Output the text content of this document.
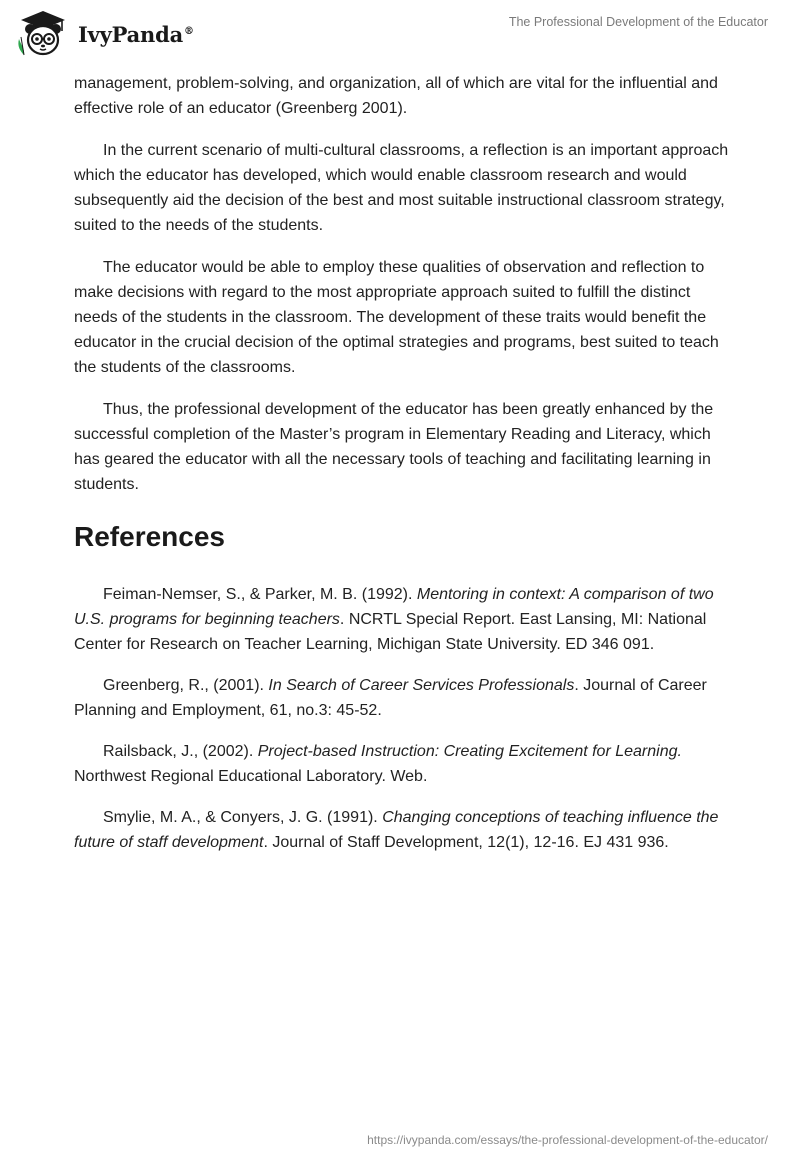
IvyPanda®
The Professional Development of the Educator

management, problem-solving, and organization, all of which are vital for the influential and effective role of an educator (Greenberg 2001).

In the current scenario of multi-cultural classrooms, a reflection is an important approach which the educator has developed, which would enable classroom research and would subsequently aid the decision of the best and most suitable instructional classroom strategy, suited to the needs of the students.

The educator would be able to employ these qualities of observation and reflection to make decisions with regard to the most appropriate approach suited to fulfill the distinct needs of the students in the classroom. The development of these traits would benefit the educator in the crucial decision of the optimal strategies and programs, best suited to teach the students of the classrooms.

Thus, the professional development of the educator has been greatly enhanced by the successful completion of the Master’s program in Elementary Reading and Literacy, which has geared the educator with all the necessary tools of teaching and facilitating learning in students.

References

Feiman-Nemser, S., & Parker, M. B. (1992). Mentoring in context: A comparison of two U.S. programs for beginning teachers. NCRTL Special Report. East Lansing, MI: National Center for Research on Teacher Learning, Michigan State University. ED 346 091.

Greenberg, R., (2001). In Search of Career Services Professionals. Journal of Career Planning and Employment, 61, no.3: 45-52.

Railsback, J., (2002). Project-based Instruction: Creating Excitement for Learning. Northwest Regional Educational Laboratory. Web.

Smylie, M. A., & Conyers, J. G. (1991). Changing conceptions of teaching influence the future of staff development. Journal of Staff Development, 12(1), 12-16. EJ 431 936.

https://ivypanda.com/essays/the-professional-development-of-the-educator/
